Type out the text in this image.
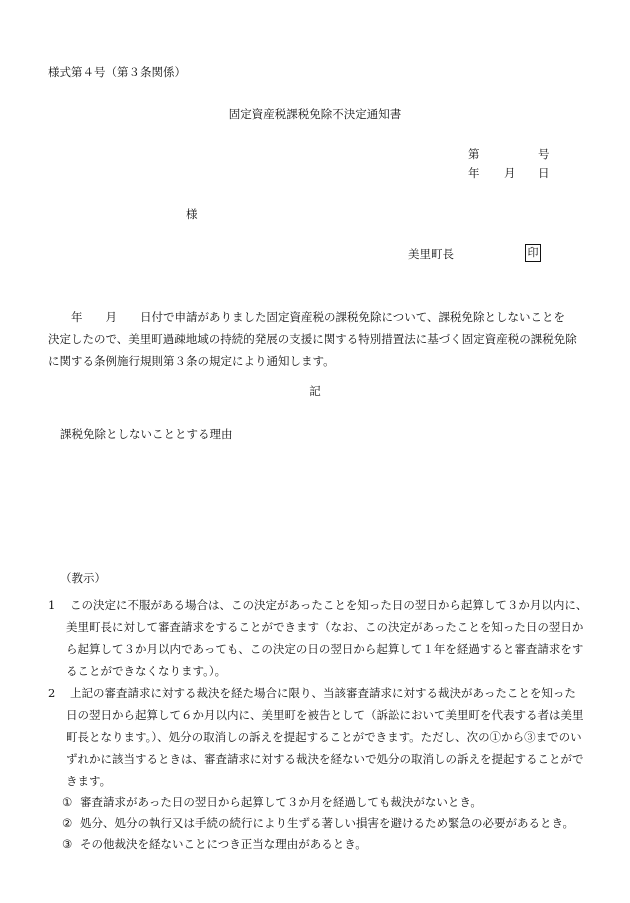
様式第４号（第３条関係）
固定資産税課税免除不決定通知書
第	号
年 月 日
様
美里町長	印
　　年　　月　　日付で申請がありました固定資産税の課税免除について、課税免除としないことを
決定したので、美里町過疎地域の持続的発展の支援に関する特別措置法に基づく固定資産税の課税免除
に関する条例施行規則第３条の規定により通知します。
記
課税免除としないこととする理由
（教示）
1 この決定に不服がある場合は、この決定があったことを知った日の翌日から起算して３か月以内に、
美里町長に対して審査請求をすることができます（なお、この決定があったことを知った日の翌日か
ら起算して３か月以内であっても、この決定の日の翌日から起算して１年を経過すると審査請求をす
ることができなくなります。）。
2 上記の審査請求に対する裁決を経た場合に限り、当該審査請求に対する裁決があったことを知った
日の翌日から起算して６か月以内に、美里町を被告として（訴訟において美里町を代表する者は美里
町長となります。）、処分の取消しの訴えを提起することができます。ただし、次の①から③までのい
ずれかに該当するときは、審査請求に対する裁決を経ないで処分の取消しの訴えを提起することがで
きます。
① 審査請求があった日の翌日から起算して３か月を経過しても裁決がないとき。
② 処分、処分の執行又は手続の続行により生ずる著しい損害を避けるため緊急の必要があるとき。
③ その他裁決を経ないことにつき正当な理由があるとき。
